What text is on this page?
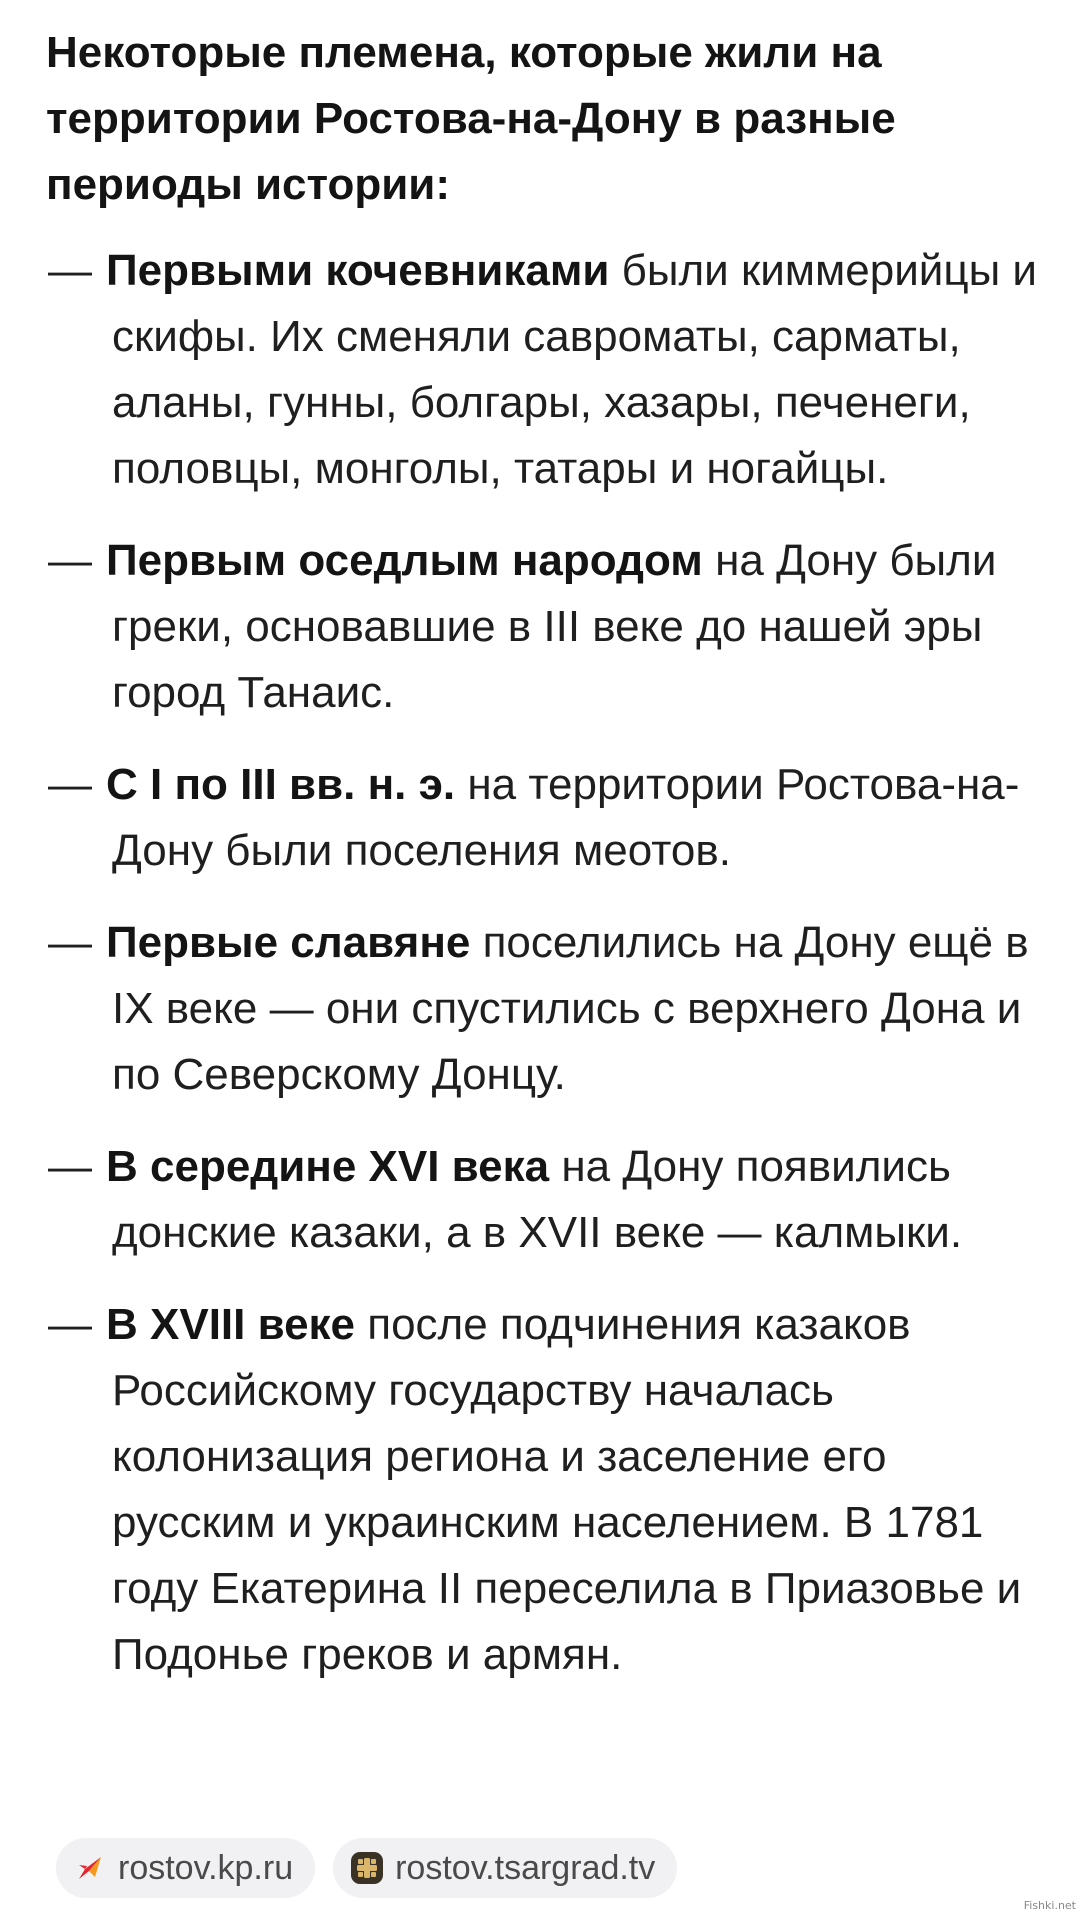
Некоторые племена, которые жили на территории Ростова-на-Дону в разные периоды истории:
— Первыми кочевниками были киммерийцы и скифы. Их сменяли савроматы, сарматы, аланы, гунны, болгары, хазары, печенеги, половцы, монголы, татары и ногайцы.
— Первым оседлым народом на Дону были греки, основавшие в III веке до нашей эры город Танаис.
— С I по III вв. н. э. на территории Ростова-на-Дону были поселения меотов.
— Первые славяне поселились на Дону ещё в IX веке — они спустились с верхнего Дона и по Северскому Донцу.
— В середине XVI века на Дону появились донские казаки, а в XVII веке — калмыки.
— В XVIII веке после подчинения казаков Российскому государству началась колонизация региона и заселение его русским и украинским населением. В 1781 году Екатерина II переселила в Приазовье и Подонье греков и армян.
rostov.kp.ru	rostov.tsargrad.tv
Fishki.net
